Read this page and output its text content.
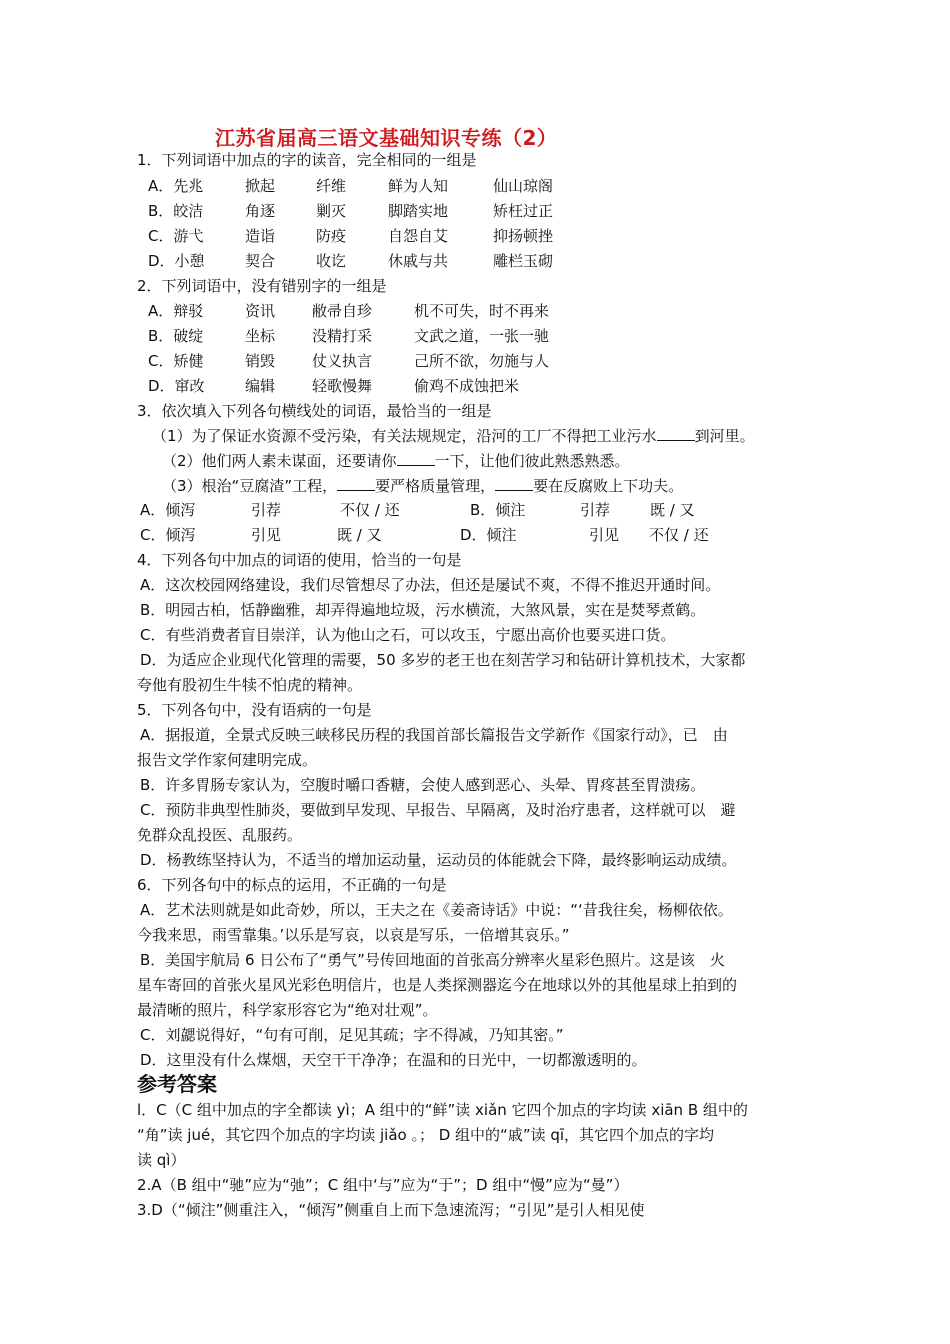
江苏省届高三语文基础知识专练（2）
1．下列词语中加点的字的读音，完全相同的一组是
A．先兆	掀起	纤维	鲜为人知	仙山琼阁
B．皎洁	角逐	剿灭	脚踏实地	矫枉过正
C．游弋	造诣	防疫	自怨自艾	抑扬顿挫
D．小憩	契合	收讫	休戚与共	雕栏玉砌
2．下列词语中，没有错别字的一组是
A．辩驳	资讯 敝帚自珍	机不可失，时不再来
B．破绽	坐标 没精打采	文武之道，一张一驰
C．矫健	销毁 仗义执言	己所不欲，勿施与人
D．窜改	编辑 轻歌慢舞	偷鸡不成蚀把米
3．依次填入下列各句横线处的词语，最恰当的一组是
（1）为了保证水资源不受污染，有关法规规定，沿河的工厂不得把工业污水	到河里。
（2）他们两人素未谋面，还要请你	一下，让他们彼此熟悉熟悉。
（3）根治“豆腐渣”工程，	要严格质量管理，	要在反腐败上下功夫。
A．倾泻	引荐	不仅 / 还	B．倾注	引荐	既 / 又
C．倾泻	引见	既 / 又	D．倾注	引见 不仅 / 还
4．下列各句中加点的词语的使用，恰当的一句是
A．这次校园网络建设，我们尽管想尽了办法，但还是屡试不爽，不得不推迟开通时间。
B．明园古柏，恬静幽雅，却弄得遍地垃圾，污水横流，大煞风景，实在是焚琴煮鹤。
C．有些消费者盲目崇洋，认为他山之石，可以攻玉，宁愿出高价也要买进口货。
D．为适应企业现代化管理的需要，50 多岁的老王也在刻苦学习和钻研计算机技术，大家都
夸他有股初生牛犊不怕虎的精神。
5．下列各句中，没有语病的一句是
A．据报道，全景式反映三峡移民历程的我国首部长篇报告文学新作《国家行动》，已　由
报告文学作家何建明完成。
B．许多胃肠专家认为，空腹时嚼口香糖，会使人感到恶心、头晕、胃疼甚至胃溃疡。
C．预防非典型性肺炎，要做到早发现、早报告、早隔离，及时治疗患者，这样就可以　避
免群众乱投医、乱服药。
D．杨教练坚持认为，不适当的增加运动量，运动员的体能就会下降，最终影响运动成绩。
6．下列各句中的标点的运用，不正确的一句是
A．艺术法则就是如此奇妙，所以，王夫之在《姜斋诗话》中说：“‘昔我往矣，杨柳依依。
今我来思，雨雪靠集。’以乐是写哀，以哀是写乐，一倍增其哀乐。”
B．美国宇航局 6 日公布了“勇气”号传回地面的首张高分辨率火星彩色照片。这是该　火
星车寄回的首张火星风光彩色明信片，也是人类探测器迄今在地球以外的其他星球上拍到的
最清晰的照片，科学家形容它为“绝对壮观”。
C．刘勰说得好，“句有可削，足见其疏；字不得减，乃知其密。”
D．这里没有什么煤烟，天空干干净净；在温和的日光中，一切都激透明的。
参考答案
l．C（C 组中加点的字全都读 yì；A 组中的“鲜”读 xiǎn 它四个加点的字均读 xiān B 组中的
“角”读 jué，其它四个加点的字均读 jiǎo 。； D 组中的“戚”读 qī，其它四个加点的字均
读 qì）
2.A（B 组中“驰”应为“弛”；C 组中‘与”应为“于”；D 组中“慢”应为“曼”）
3.D（“倾注”侧重注入，“倾泻”侧重自上而下急速流泻；“引见”是引人相见使
